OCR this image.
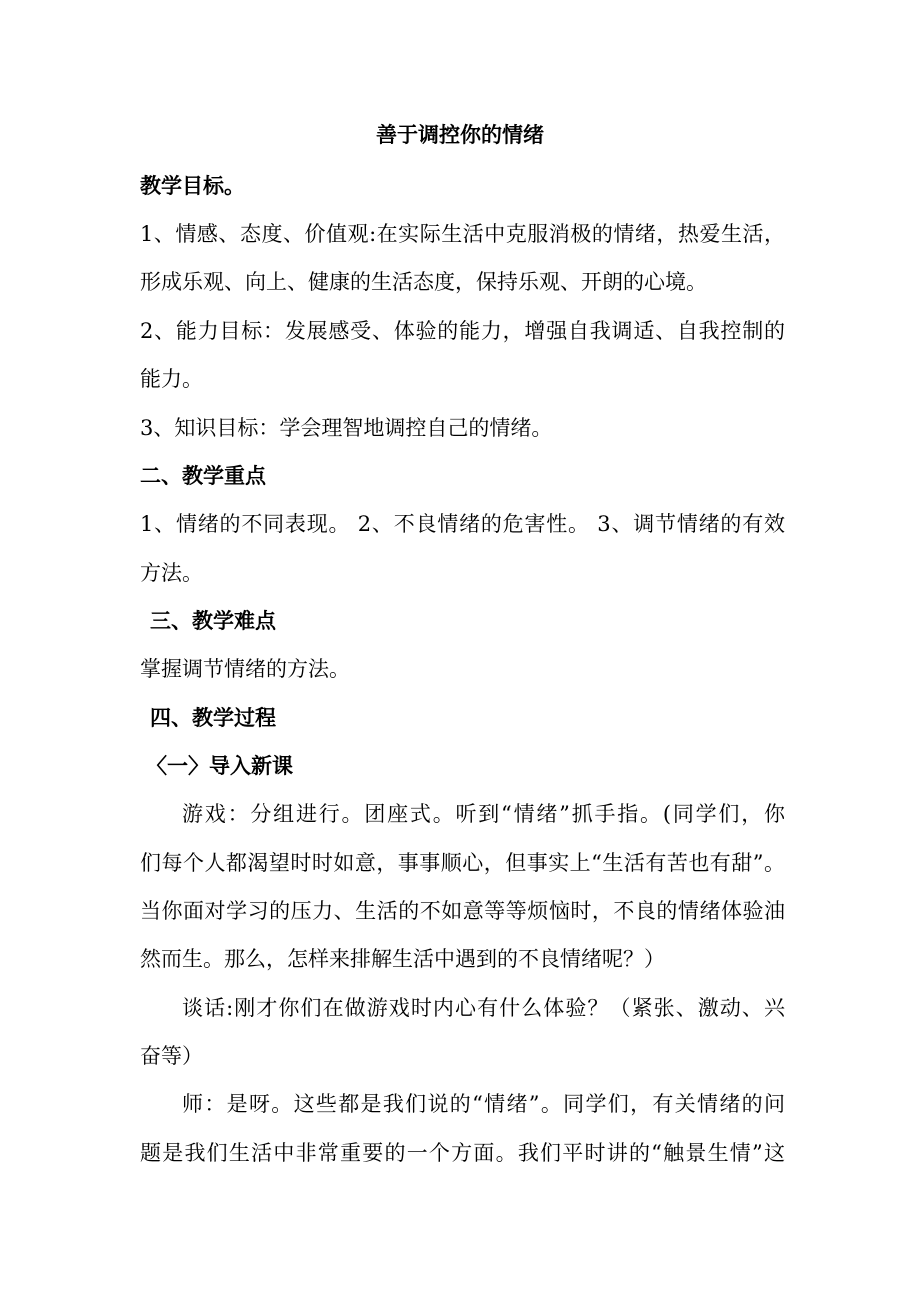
善于调控你的情绪
教学目标。
1、情感、态度、价值观:在实际生活中克服消极的情绪，热爱生活，
形成乐观、向上、健康的生活态度，保持乐观、开朗的心境。
2、能力目标：发展感受、体验的能力，增强自我调适、自我控制的
能力。
3、知识目标：学会理智地调控自己的情绪。
二、教学重点
1、情绪的不同表现。 2、不良情绪的危害性。 3、调节情绪的有效
方法。
三、教学难点
掌握调节情绪的方法。
四、教学过程
〈一〉导入新课
游戏：分组进行。团座式。听到“情绪”抓手指。(同学们，你
们每个人都渴望时时如意，事事顺心，但事实上“生活有苦也有甜”。
当你面对学习的压力、生活的不如意等等烦恼时，不良的情绪体验油
然而生。那么，怎样来排解生活中遇到的不良情绪呢？）
谈话:刚才你们在做游戏时内心有什么体验？（紧张、激动、兴
奋等）
师：是呀。这些都是我们说的“情绪”。同学们，有关情绪的问
题是我们生活中非常重要的一个方面。我们平时讲的“触景生情”这
